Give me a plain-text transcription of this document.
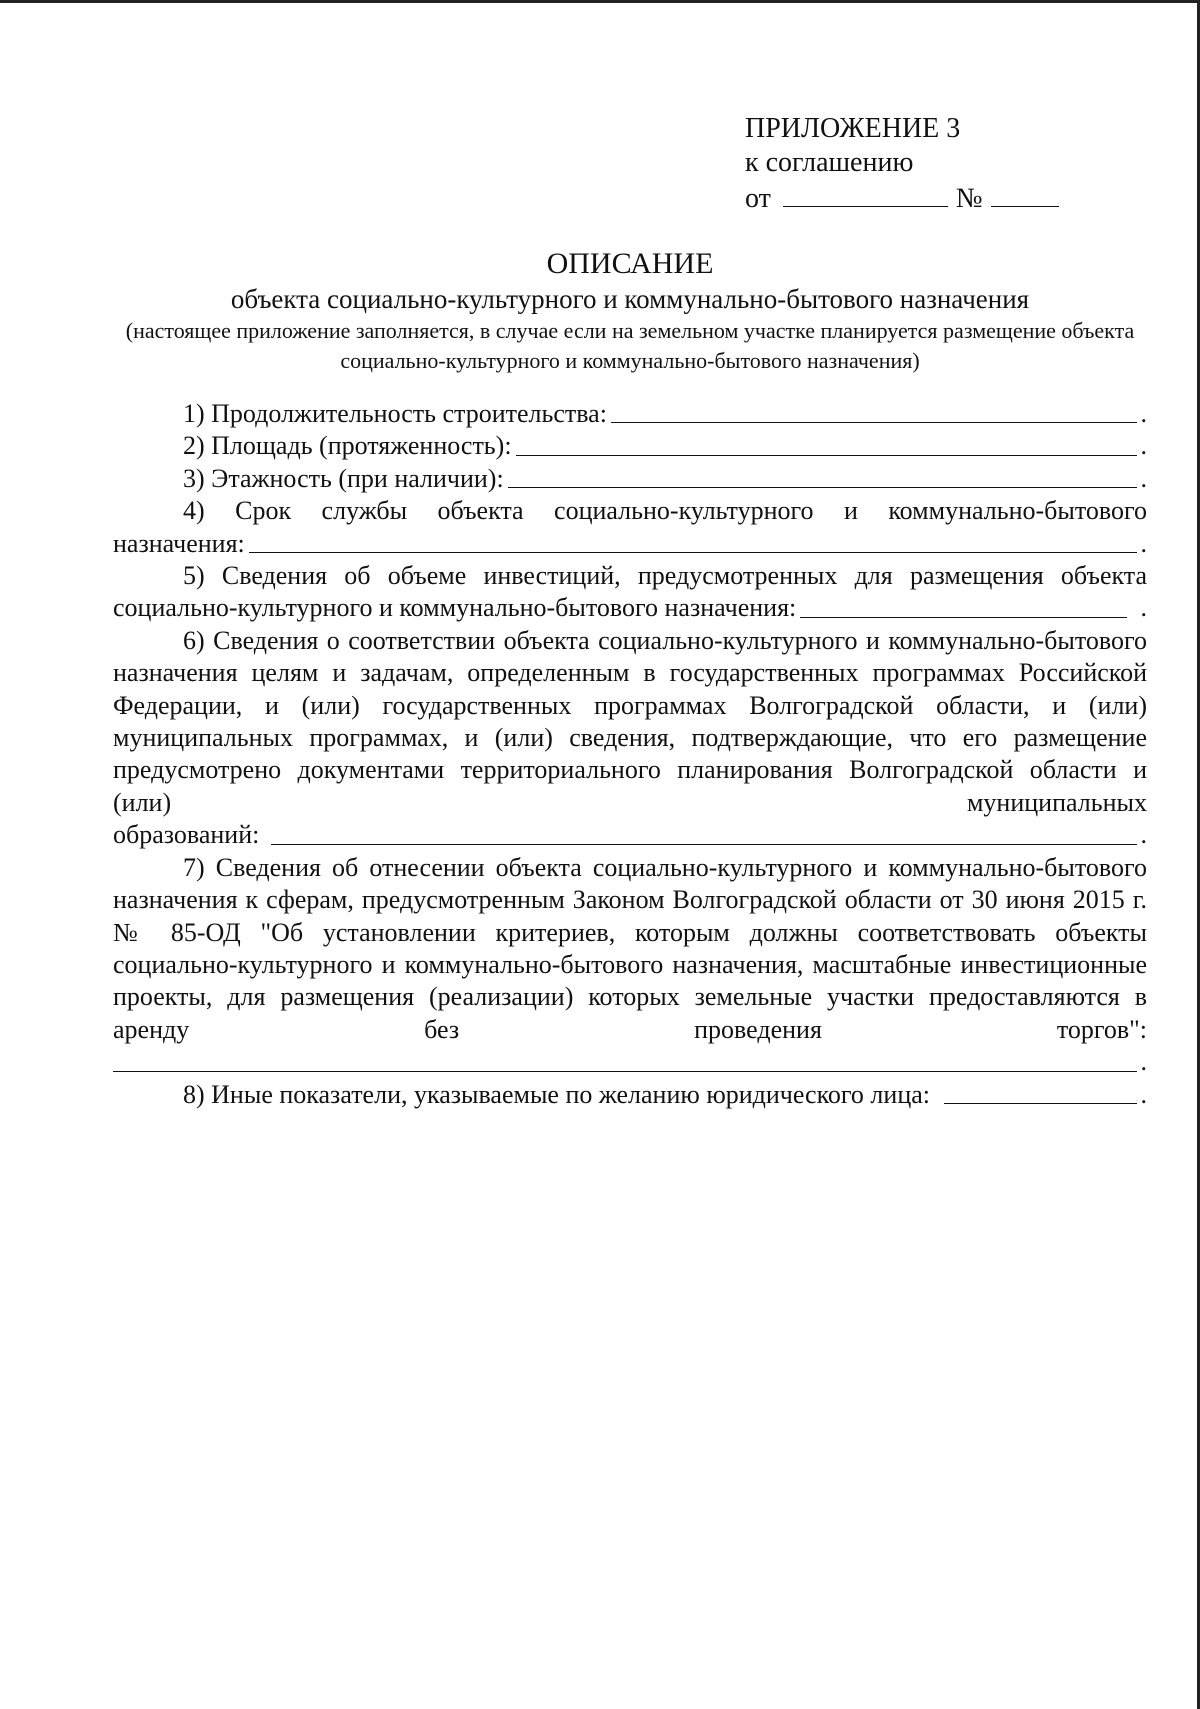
ПРИЛОЖЕНИЕ 3
к соглашению
от	№
ОПИСАНИЕ
объекта социально-культурного и коммунально-бытового назначения
(настоящее приложение заполняется, в случае если на земельном участке планируется размещение объекта социально-культурного и коммунально-бытового назначения)
1) Продолжительность строительства:	.
2) Площадь (протяженность):	.
3) Этажность (при наличии):	.

4) Срок службы объекта социально-культурного и коммунально-бытового

назначения:	.

5) Сведения об объеме инвестиций, предусмотренных для размещения объекта

социально-культурного и коммунально-бытового назначения:	.

6) Сведения о соответствии объекта социально-культурного и коммунально-бытового назначения целям и задачам, определенным в государственных программах Российской Федерации, и (или) государственных программах Волгоградской области, и (или) муниципальных программах, и (или) сведения, подтверждающие, что его размещение предусмотрено документами территориального планирования Волгоградской области и (или) муниципальных

образований:	.

7) Сведения об отнесении объекта социально-культурного и коммунально-бытового назначения к сферам, предусмотренным Законом Волгоградской области от 30 июня 2015 г. № 85-ОД "Об установлении критериев, которым должны соответствовать объекты социально-культурного и коммунально-бытового назначения, масштабные инвестиционные проекты, для размещения (реализации) которых земельные участки предоставляются в аренду без проведения торгов":

.
8) Иные показатели, указываемые по желанию юридического лица:	.
